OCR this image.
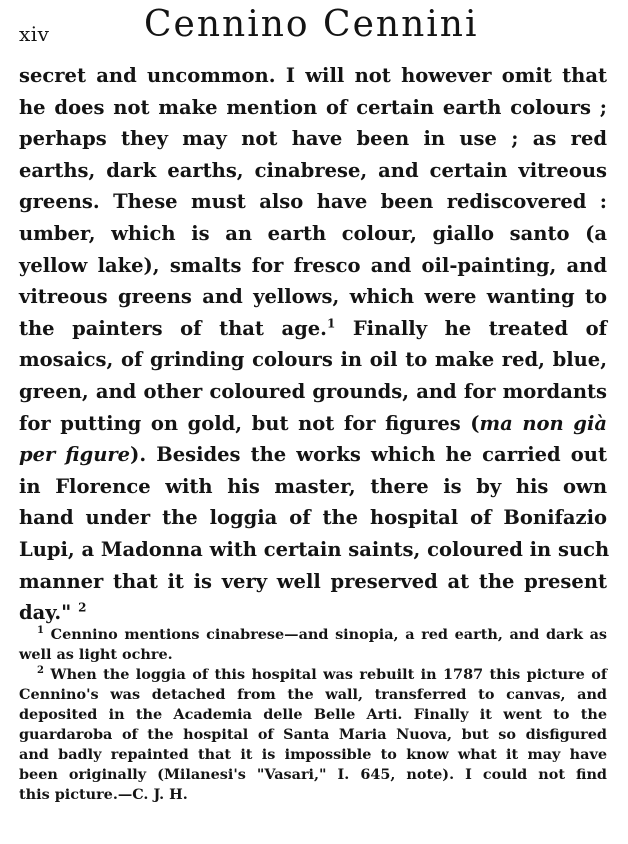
xiv	Cennino Cennini
secret and uncommon. I will not however omit that
he does not make mention of certain earth colours ;
perhaps they may not have been in use ; as red
earths, dark earths, cinabrese, and certain vitreous
greens. These must also have been rediscovered :
umber, which is an earth colour, giallo santo (a
yellow lake), smalts for fresco and oil-painting, and
vitreous greens and yellows, which were wanting to
the painters of that age.$^1$ Finally he treated of
mosaics, of grinding colours in oil to make red, blue,
green, and other coloured grounds, and for mordants
for putting on gold, but not for figures (ma non già
per figure). Besides the works which he carried out
in Florence with his master, there is by his own
hand under the loggia of the hospital of Bonifazio
Lupi, a Madonna with certain saints, coloured in such
manner that it is very well preserved at the present
day." $^2$
$^1$ Cennino mentions cinabrese—and sinopia, a red earth, and dark as
well as light ochre.
$^2$ When the loggia of this hospital was rebuilt in 1787 this picture of
Cennino's was detached from the wall, transferred to canvas, and
deposited in the Academia delle Belle Arti. Finally it went to the
guardaroba of the hospital of Santa Maria Nuova, but so disfigured
and badly repainted that it is impossible to know what it may have
been originally (Milanesi's "Vasari," I. 645, note). I could not find
this picture.—C. J. H.
